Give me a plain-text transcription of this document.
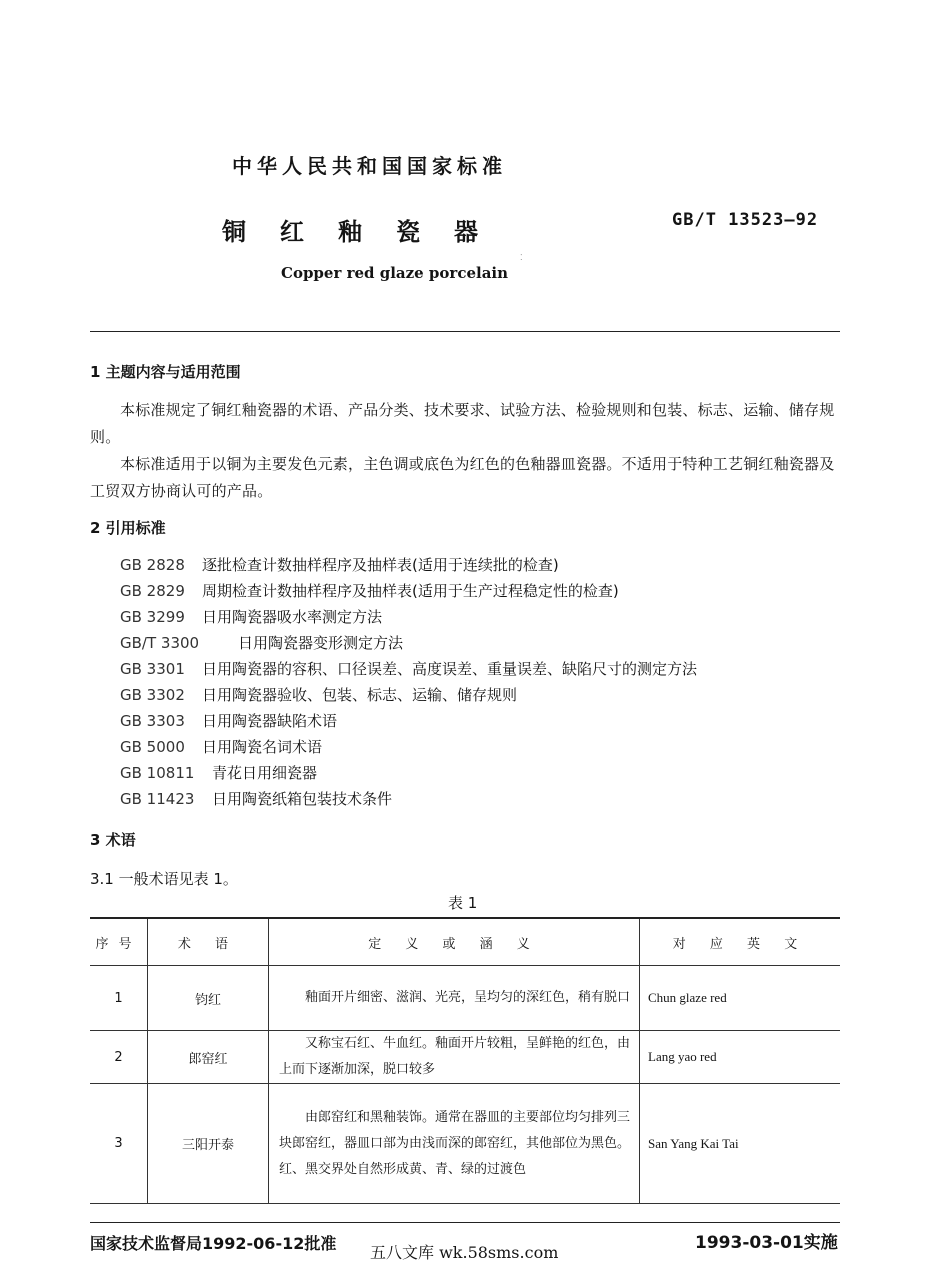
中华人民共和国国家标准
铜 红 釉 瓷 器	GB/T 13523—92
Copper red glaze porcelain
⁚
1 主题内容与适用范围
本标准规定了铜红釉瓷器的术语、产品分类、技术要求、试验方法、检验规则和包装、标志、运输、储存规则。
本标准适用于以铜为主要发色元素，主色调或底色为红色的色釉器皿瓷器。不适用于特种工艺铜红釉瓷器及工贸双方协商认可的产品。
2 引用标准
GB 2828 逐批检查计数抽样程序及抽样表(适用于连续批的检查)
GB 2829 周期检查计数抽样程序及抽样表(适用于生产过程稳定性的检查)
GB 3299 日用陶瓷器吸水率测定方法
GB/T 3300	日用陶瓷器变形测定方法
GB 3301 日用陶瓷器的容积、口径误差、高度误差、重量误差、缺陷尺寸的测定方法
GB 3302 日用陶瓷器验收、包装、标志、运输、储存规则
GB 3303 日用陶瓷器缺陷术语
GB 5000 日用陶瓷名词术语
GB 10811 青花日用细瓷器
GB 11423 日用陶瓷纸箱包装技术条件
3 术语
3.1 一般术语见表 1。
表 1
序号	术 语	定 义 或 涵 义	对 应 英 文
1	钧红	釉面开片细密、滋润、光亮，呈均匀的深红色，稍有脱口	Chun glaze red
2	郎窑红	又称宝石红、牛血红。釉面开片较粗，呈鲜艳的红色，由上而下逐渐加深，脱口较多	Lang yao red
3	三阳开泰	由郎窑红和黑釉装饰。通常在器皿的主要部位均匀排列三块郎窑红，器皿口部为由浅而深的郎窑红，其他部位为黑色。红、黑交界处自然形成黄、青、绿的过渡色	San Yang Kai Tai
国家技术监督局1992-06-12批准 五八文库 wk.58sms.com	1993-03-01实施
